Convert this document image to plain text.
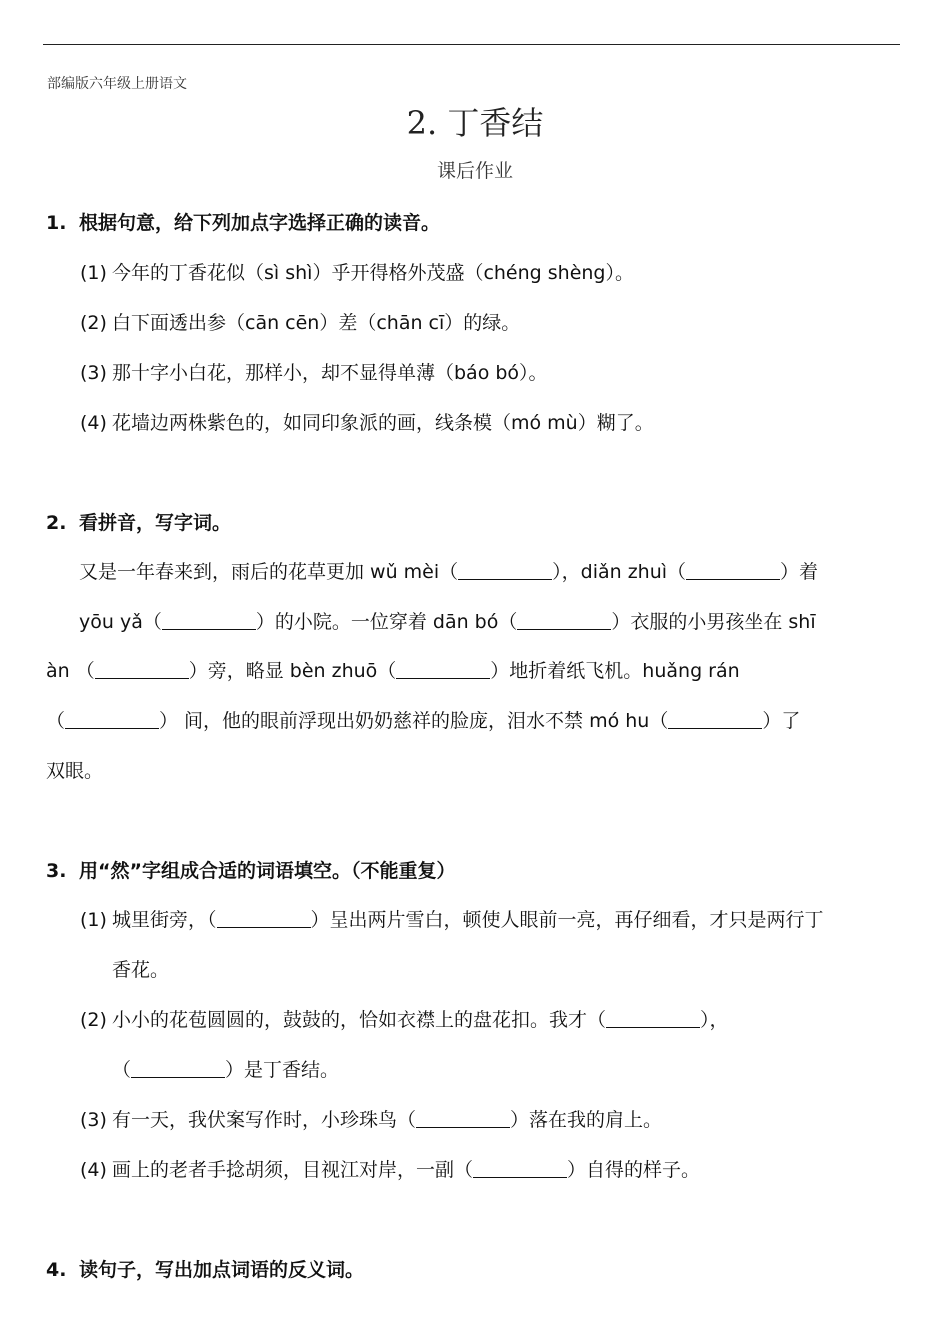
部编版六年级上册语文
2. 丁香结
课后作业
1. 根据句意，给下列加点字选择正确的读音。
(1) 今年的丁香花似（sì shì）乎开得格外茂盛（chéng shèng）。
(2) 白下面透出参（cān cēn）差（chān cī）的绿。
(3) 那十字小白花，那样小，却不显得单薄（báo bó）。
(4) 花墙边两株紫色的，如同印象派的画，线条模（mó mù）糊了。
2. 看拼音，写字词。
又是一年春来到，雨后的花草更加 wǔ mèi（	），diǎn zhuì（	）着
yōu yǎ（	）的小院。一位穿着 dān bó（	）衣服的小男孩坐在 shī
àn （	）旁，略显 bèn zhuō（	）地折着纸飞机。huǎng rán
（	） 间，他的眼前浮现出奶奶慈祥的脸庞，泪水不禁 mó hu（	）了
双眼。
3. 用“然”字组成合适的词语填空。（不能重复）
(1) 城里街旁，（	）呈出两片雪白，顿使人眼前一亮，再仔细看，才只是两行丁
香花。
(2) 小小的花苞圆圆的，鼓鼓的，恰如衣襟上的盘花扣。我才（	），
（	）是丁香结。
(3) 有一天，我伏案写作时，小珍珠鸟（	）落在我的肩上。
(4) 画上的老者手捻胡须，目视江对岸，一副（	）自得的样子。
4. 读句子，写出加点词语的反义词。
